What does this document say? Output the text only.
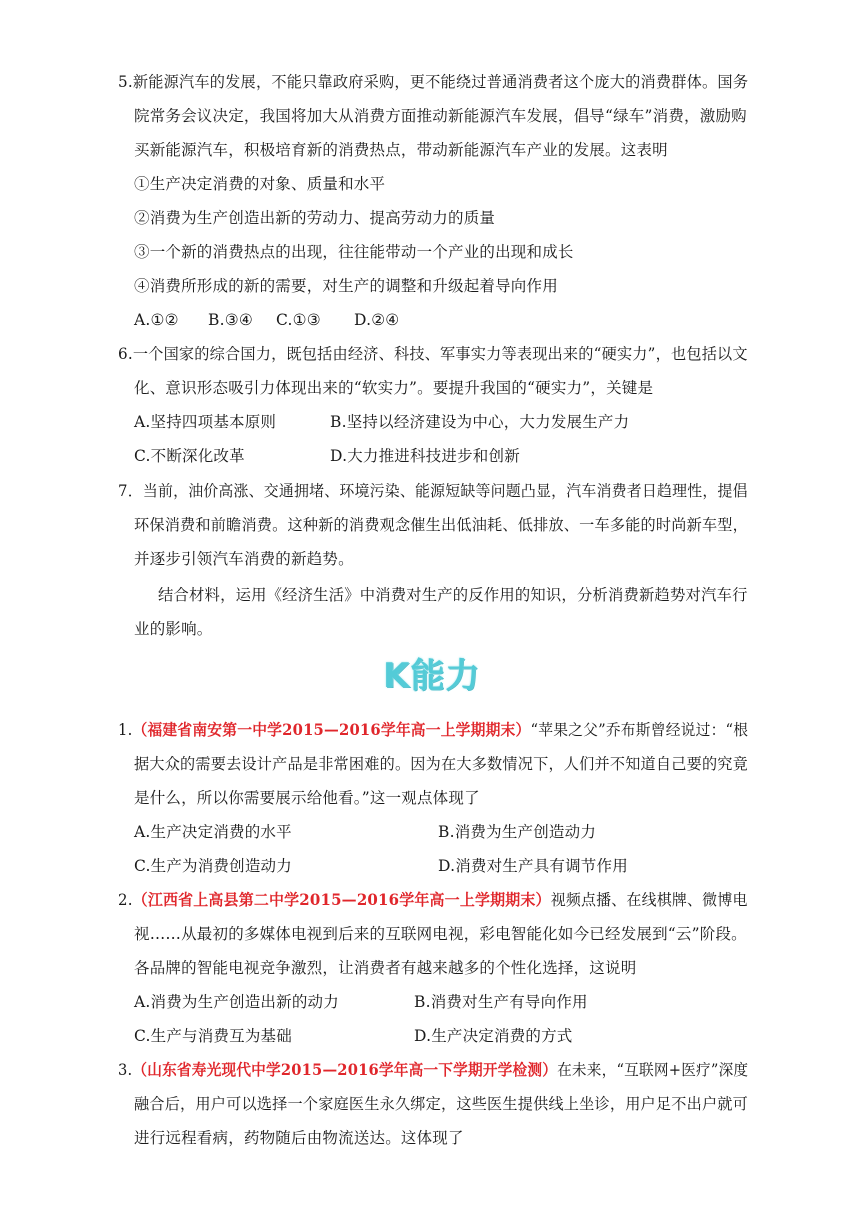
5.新能源汽车的发展，不能只靠政府采购，更不能绕过普通消费者这个庞大的消费群体。国务
院常务会议决定，我国将加大从消费方面推动新能源汽车发展，倡导“绿车”消费，激励购
买新能源汽车，积极培育新的消费热点，带动新能源汽车产业的发展。这表明
①生产决定消费的对象、质量和水平
②消费为生产创造出新的劳动力、提高劳动力的质量
③一个新的消费热点的出现，往往能带动一个产业的出现和成长
④消费所形成的新的需要，对生产的调整和升级起着导向作用
A.①② B.③④ C.①③ D.②④
6.一个国家的综合国力，既包括由经济、科技、军事实力等表现出来的“硬实力”，也包括以文
化、意识形态吸引力体现出来的“软实力”。要提升我国的“硬实力”，关键是
A.坚持四项基本原则	B.坚持以经济建设为中心，大力发展生产力
C.不断深化改革	D.大力推进科技进步和创新
7．当前，油价高涨、交通拥堵、环境污染、能源短缺等问题凸显，汽车消费者日趋理性，提倡
环保消费和前瞻消费。这种新的消费观念催生出低油耗、低排放、一车多能的时尚新车型，
并逐步引领汽车消费的新趋势。
结合材料，运用《经济生活》中消费对生产的反作用的知识，分析消费新趋势对汽车行
业的影响。
K能力
1.（福建省南安第一中学2015—2016学年高一上学期期末）“苹果之父”乔布斯曾经说过：“根
据大众的需要去设计产品是非常困难的。因为在大多数情况下，人们并不知道自己要的究竟
是什么，所以你需要展示给他看。”这一观点体现了
A.生产决定消费的水平	B.消费为生产创造动力
C.生产为消费创造动力	D.消费对生产具有调节作用
2.（江西省上高县第二中学2015—2016学年高一上学期期末）视频点播、在线棋牌、微博电
视……从最初的多媒体电视到后来的互联网电视，彩电智能化如今已经发展到“云”阶段。
各品牌的智能电视竞争激烈，让消费者有越来越多的个性化选择，这说明
A.消费为生产创造出新的动力	B.消费对生产有导向作用
C.生产与消费互为基础	D.生产决定消费的方式
3.（山东省寿光现代中学2015—2016学年高一下学期开学检测）在未来，“互联网+医疗”深度
融合后，用户可以选择一个家庭医生永久绑定，这些医生提供线上坐诊，用户足不出户就可
进行远程看病，药物随后由物流送达。这体现了
